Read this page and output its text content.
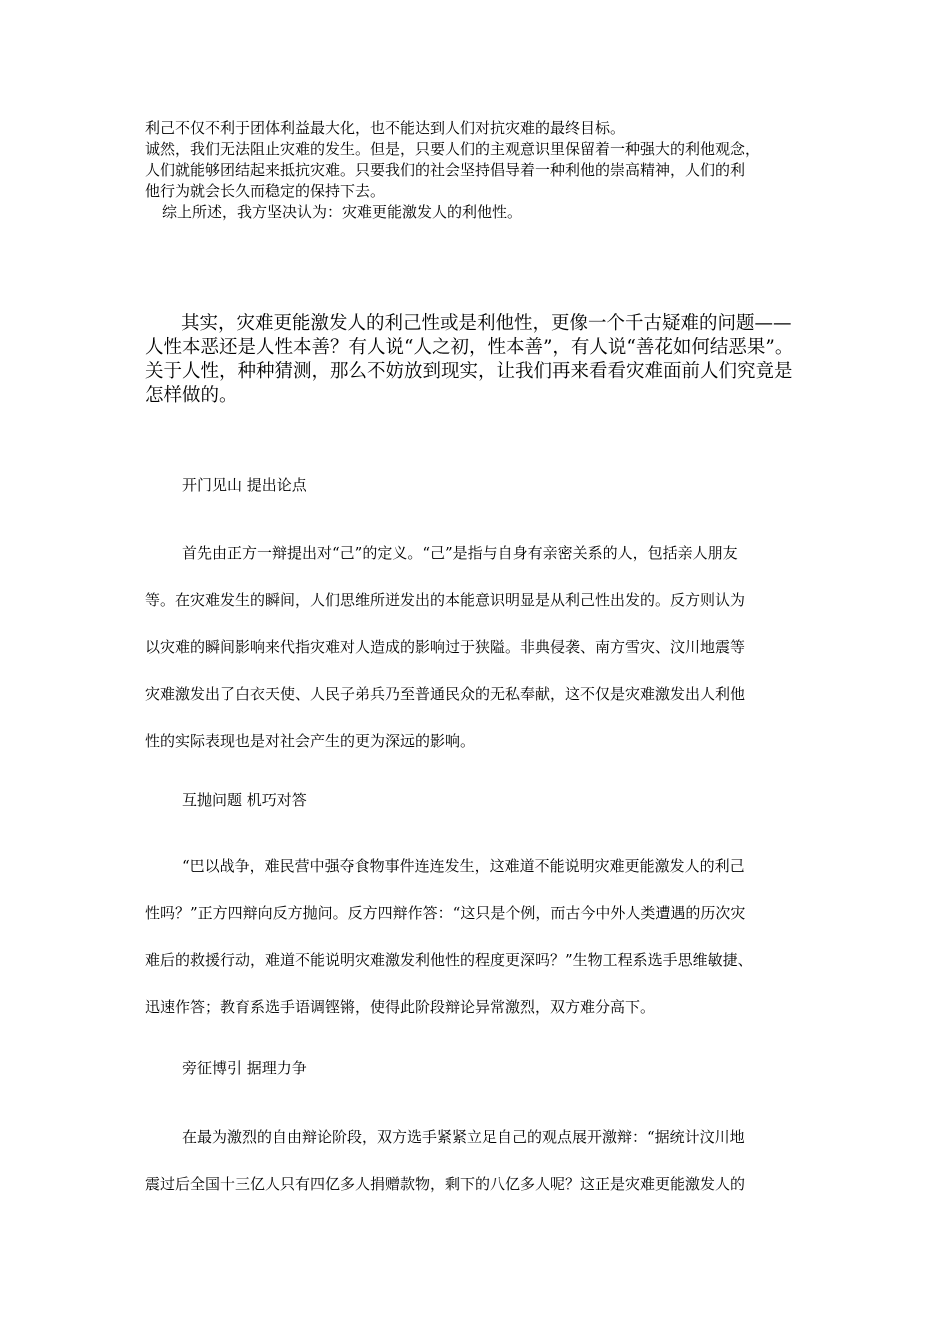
利己不仅不利于团体利益最大化，也不能达到人们对抗灾难的最终目标。

诚然，我们无法阻止灾难的发生。但是，只要人们的主观意识里保留着一种强大的利他观念，

人们就能够团结起来抵抗灾难。只要我们的社会坚持倡导着一种利他的崇高精神，人们的利

他行为就会长久而稳定的保持下去。

综上所述，我方坚决认为：灾难更能激发人的利他性。

其实，灾难更能激发人的利己性或是利他性，更像一个千古疑难的问题——

人性本恶还是人性本善？有人说“人之初，性本善”，有人说“善花如何结恶果”。

关于人性，种种猜测，那么不妨放到现实，让我们再来看看灾难面前人们究竟是

怎样做的。

开门见山 提出论点

首先由正方一辩提出对“己”的定义。“己”是指与自身有亲密关系的人，包括亲人朋友

等。在灾难发生的瞬间，人们思维所迸发出的本能意识明显是从利己性出发的。反方则认为

以灾难的瞬间影响来代指灾难对人造成的影响过于狭隘。非典侵袭、南方雪灾、汶川地震等

灾难激发出了白衣天使、人民子弟兵乃至普通民众的无私奉献，这不仅是灾难激发出人利他

性的实际表现也是对社会产生的更为深远的影响。

互抛问题 机巧对答

“巴以战争，难民营中强夺食物事件连连发生，这难道不能说明灾难更能激发人的利己

性吗？”正方四辩向反方抛问。反方四辩作答：“这只是个例，而古今中外人类遭遇的历次灾

难后的救援行动，难道不能说明灾难激发利他性的程度更深吗？”生物工程系选手思维敏捷、

迅速作答；教育系选手语调铿锵，使得此阶段辩论异常激烈，双方难分高下。

旁征博引 据理力争

在最为激烈的自由辩论阶段，双方选手紧紧立足自己的观点展开激辩：“据统计汶川地

震过后全国十三亿人只有四亿多人捐赠款物，剩下的八亿多人呢？这正是灾难更能激发人的
